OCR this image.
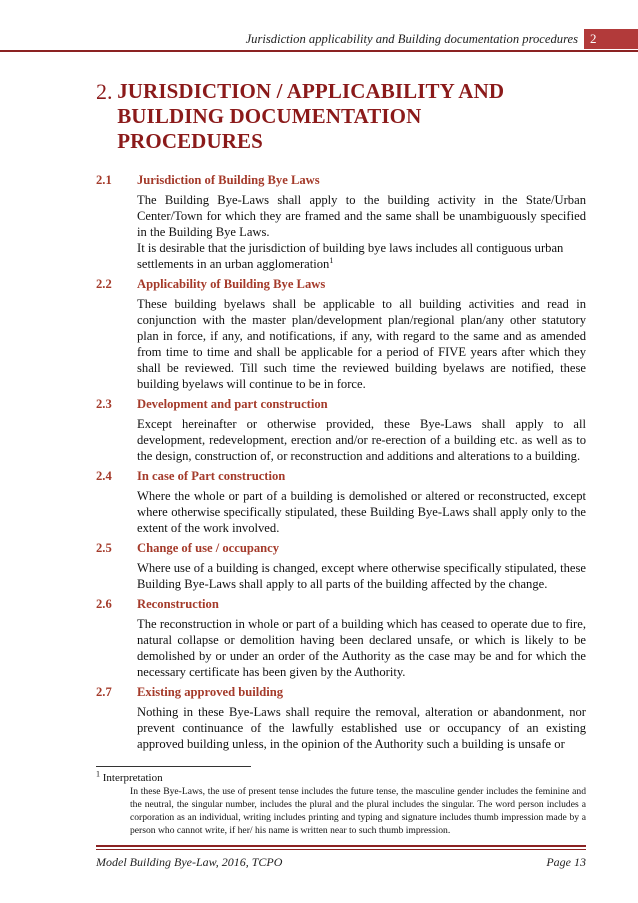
Jurisdiction applicability and Building documentation procedures 2
2. JURISDICTION / APPLICABILITY AND BUILDING DOCUMENTATION PROCEDURES
2.1	Jurisdiction of Building Bye Laws

The Building Bye-Laws shall apply to the building activity in the State/Urban Center/Town for which they are framed and the same shall be unambiguously specified in the Building Bye Laws.

It is desirable that the jurisdiction of building bye laws includes all contiguous urban settlements in an urban agglomeration$^1$

2.2	Applicability of Building Bye Laws

These building byelaws shall be applicable to all building activities and read in conjunction with the master plan/development plan/regional plan/any other statutory plan in force, if any, and notifications, if any, with regard to the same and as amended from time to time and shall be applicable for a period of FIVE years after which they shall be reviewed. Till such time the reviewed building byelaws are notified, these building byelaws will continue to be in force.

2.3	Development and part construction

Except hereinafter or otherwise provided, these Bye-Laws shall apply to all development, redevelopment, erection and/or re-erection of a building etc. as well as to the design, construction of, or reconstruction and additions and alterations to a building.

2.4	In case of Part construction

Where the whole or part of a building is demolished or altered or reconstructed, except where otherwise specifically stipulated, these Building Bye-Laws shall apply only to the extent of the work involved.

2.5	Change of use / occupancy

Where use of a building is changed, except where otherwise specifically stipulated, these Building Bye-Laws shall apply to all parts of the building affected by the change.

2.6	Reconstruction

The reconstruction in whole or part of a building which has ceased to operate due to fire, natural collapse or demolition having been declared unsafe, or which is likely to be demolished by or under an order of the Authority as the case may be and for which the necessary certificate has been given by the Authority.

2.7	Existing approved building

Nothing in these Bye-Laws shall require the removal, alteration or abandonment, nor prevent continuance of the lawfully established use or occupancy of an existing approved building unless, in the opinion of the Authority such a building is unsafe or

$^1$ Interpretation
In these Bye-Laws, the use of present tense includes the future tense, the masculine gender includes the feminine and the neutral, the singular number, includes the plural and the plural includes the singular. The word person includes a corporation as an individual, writing includes printing and typing and signature includes thumb impression made by a person who cannot write, if her/ his name is written near to such thumb impression.
Model Building Bye-Law, 2016, TCPO	Page 13
